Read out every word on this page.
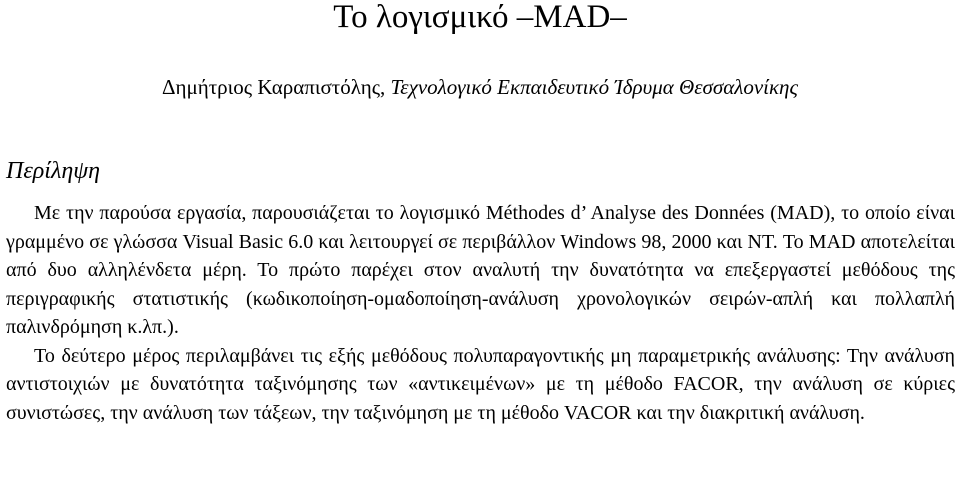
Το λογισμικό –MAD–
Δημήτριος Καραπιστόλης, Τεχνολογικό Εκπαιδευτικό Ίδρυμα Θεσσαλονίκης
Περίληψη

Με την παρούσα εργασία, παρουσιάζεται το λογισμικό Méthodes d’ Analyse des Données (MAD), το οποίο είναι γραμμένο σε γλώσσα Visual Basic 6.0 και λειτουργεί σε περιβάλλον Windows 98, 2000 και NT. Το MAD αποτελείται από δυο αλληλένδετα μέρη. Το πρώτο παρέχει στον αναλυτή την δυνατότητα να επεξεργαστεί μεθόδους της περιγραφικής στατιστικής (κωδικοποίηση-ομαδοποίηση-ανάλυση χρονολογικών σειρών-απλή και πολλαπλή παλινδρόμηση κ.λπ.).

Το δεύτερο μέρος περιλαμβάνει τις εξής μεθόδους πολυπαραγοντικής μη παραμετρικής ανάλυσης: Την ανάλυση αντιστοιχιών με δυνατότητα ταξινόμησης των «αντικειμένων» με τη μέθοδο FACOR, την ανάλυση σε κύριες συνιστώσες, την ανάλυση των τάξεων, την ταξινόμηση με τη μέθοδο VACOR και την διακριτική ανάλυση.
